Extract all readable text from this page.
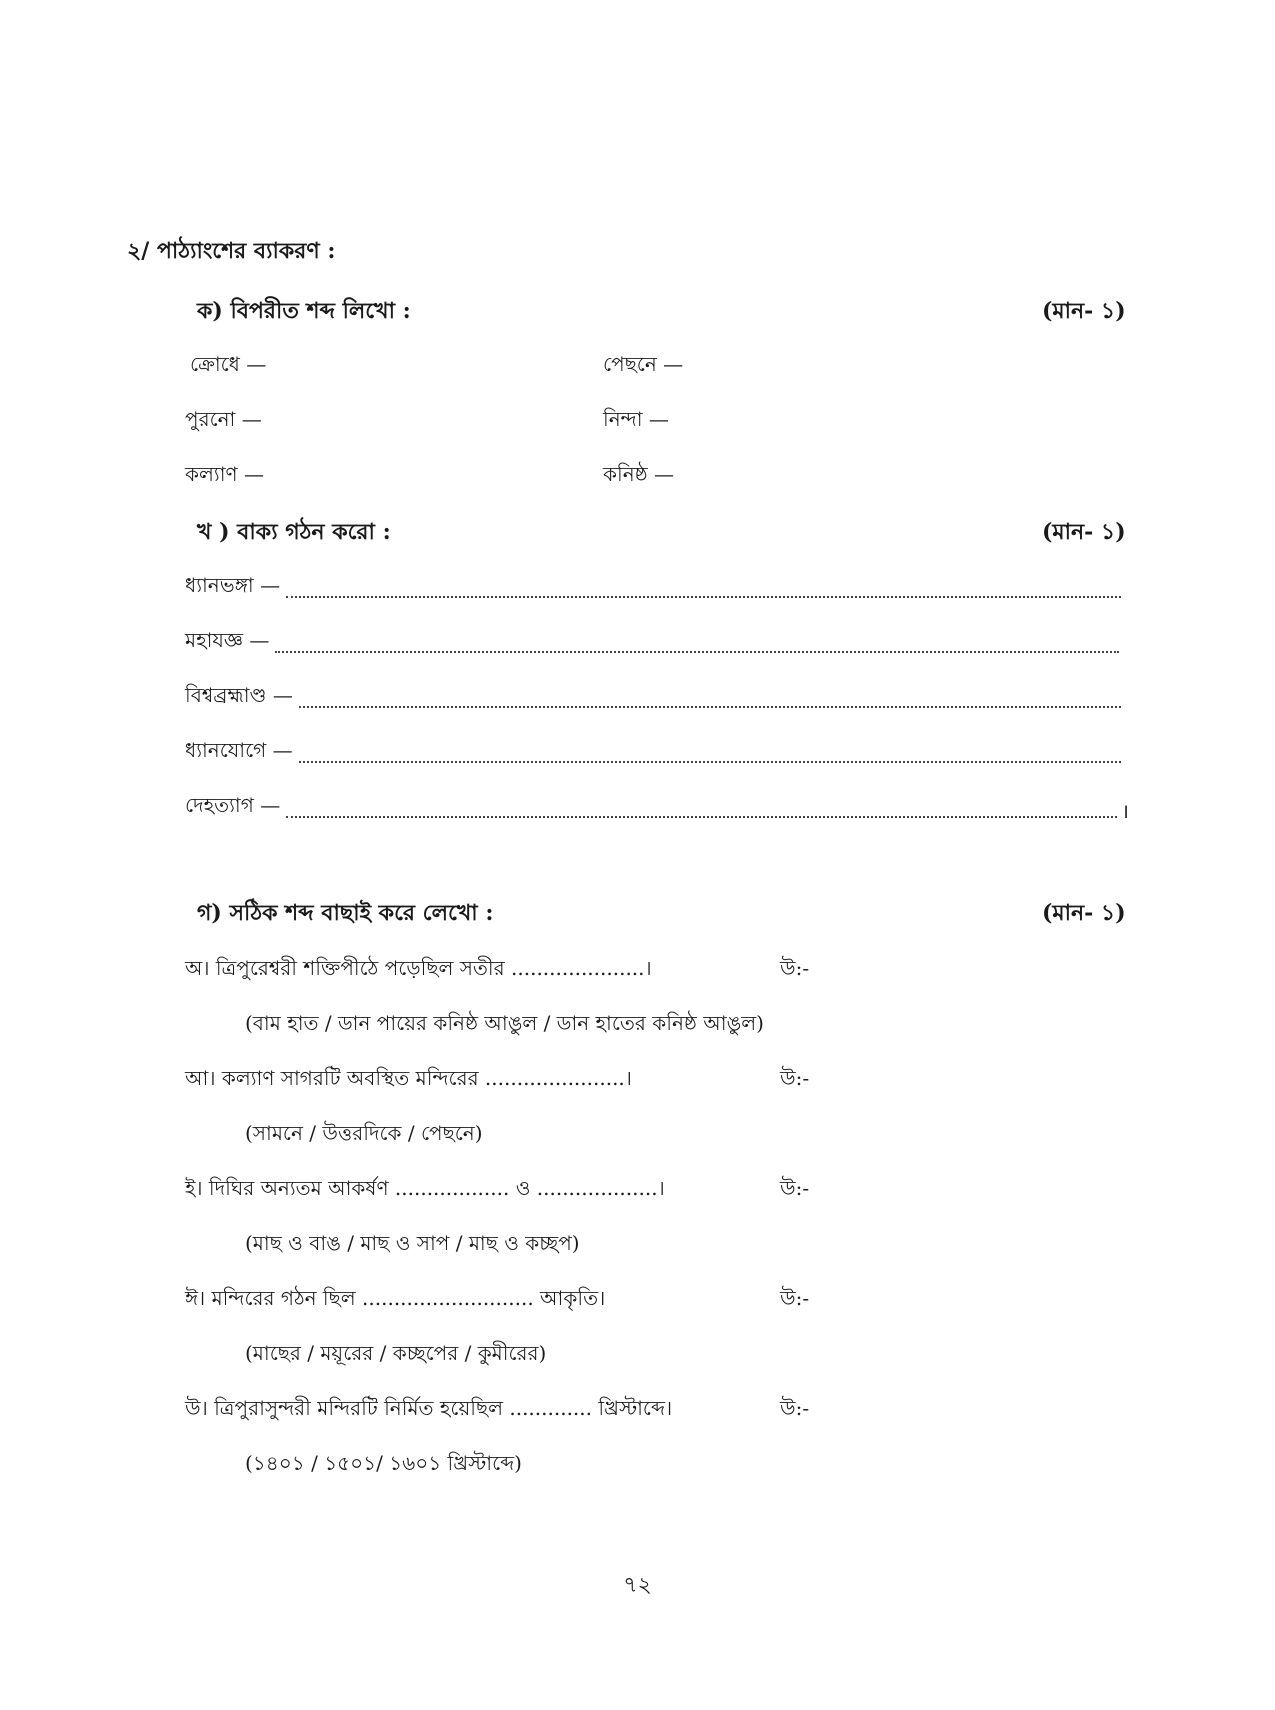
২/ পাঠ্যাংশের ব্যাকরণ :
ক) বিপরীত শব্দ লিখো :	(মান- ১)
ক্রোধে —	পেছনে —
পুরনো —	নিন্দা —
কল্যাণ —	কনিষ্ঠ —
খ ) বাক্য গঠন করো :	(মান- ১)
ধ্যানভঙ্গা —
মহাযজ্ঞ —
বিশ্বব্রহ্মাণ্ড —
ধ্যানযোগে —
দেহত্যাগ —	।
গ) সঠিক শব্দ বাছাই করে লেখো :	(মান- ১)
অ। ত্রিপুরেশ্বরী শক্তিপীঠে পড়েছিল সতীর .....................।	উ:-
(বাম হাত / ডান পায়ের কনিষ্ঠ আঙুল / ডান হাতের কনিষ্ঠ আঙুল)
আ। কল্যাণ সাগরটি অবস্থিত মন্দিরের ......................।	উ:-
(সামনে / উত্তরদিকে / পেছনে)
ই। দিঘির অন্যতম আকর্ষণ .................. ও ...................।	উ:-
(মাছ ও বাঙ / মাছ ও সাপ / মাছ ও কচ্ছপ)
ঈ। মন্দিরের গঠন ছিল ........................... আকৃতি।	উ:-
(মাছের / ময়ূরের / কচ্ছপের / কুমীরের)
উ। ত্রিপুরাসুন্দরী মন্দিরটি নির্মিত হয়েছিল ............. খ্রিস্টাব্দে।	উ:-
(১৪০১ / ১৫০১/ ১৬০১ খ্রিস্টাব্দে)
৭২
